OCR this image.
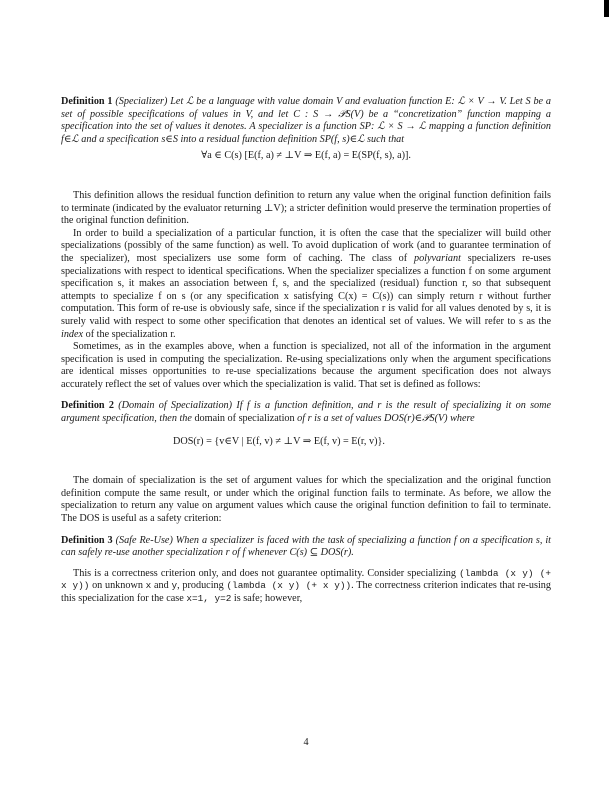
Definition 1 (Specializer) Let ℒ be a language with value domain V and evaluation function E: ℒ × V → V. Let S be a set of possible specifications of values in V, and let C : S → 𝒫S(V) be a “concretization” function mapping a specification into the set of values it denotes. A specializer is a function SP: ℒ × S → ℒ mapping a function definition f∈ℒ and a specification s∈S into a residual function definition SP(f, s)∈ℒ such that

∀a ∈ C(s) [E(f, a) ≠ ⊥V ⇒ E(f, a) = E(SP(f, s), a)].

This definition allows the residual function definition to return any value when the original function definition fails to terminate (indicated by the evaluator returning ⊥V); a stricter definition would preserve the termination properties of the original function definition.

In order to build a specialization of a particular function, it is often the case that the specializer will build other specializations (possibly of the same function) as well. To avoid duplication of work (and to guarantee termination of the specializer), most specializers use some form of caching. The class of polyvariant specializers re-uses specializations with respect to identical specifications. When the specializer specializes a function f on some argument specification s, it makes an association between f, s, and the specialized (residual) function r, so that subsequent attempts to specialize f on s (or any specification x satisfying C(x) = C(s)) can simply return r without further computation. This form of re-use is obviously safe, since if the specialization r is valid for all values denoted by s, it is surely valid with respect to some other specification that denotes an identical set of values. We will refer to s as the index of the specialization r.

Sometimes, as in the examples above, when a function is specialized, not all of the information in the argument specification is used in computing the specialization. Re-using specializations only when the argument specifications are identical misses opportunities to re-use specializations because the argument specification does not always accurately reflect the set of values over which the specialization is valid. That set is defined as follows:

Definition 2 (Domain of Specialization) If f is a function definition, and r is the result of specializing it on some argument specification, then the domain of specialization of r is a set of values DOS(r)∈𝒫S(V) where

DOS(r) = {v∈V | E(f, v) ≠ ⊥V ⇒ E(f, v) = E(r, v)}.

The domain of specialization is the set of argument values for which the specialization and the original function definition compute the same result, or under which the original function fails to terminate. As before, we allow the specialization to return any value on argument values which cause the original function definition to fail to terminate. The DOS is useful as a safety criterion:

Definition 3 (Safe Re-Use) When a specializer is faced with the task of specializing a function f on a specification s, it can safely re-use another specialization r of f whenever C(s) ⊆ DOS(r).

This is a correctness criterion only, and does not guarantee optimality. Consider specializing (lambda (x y) (+ x y)) on unknown x and y, producing (lambda (x y) (+ x y)). The correctness criterion indicates that re-using this specialization for the case x=1, y=2 is safe; however,

4
